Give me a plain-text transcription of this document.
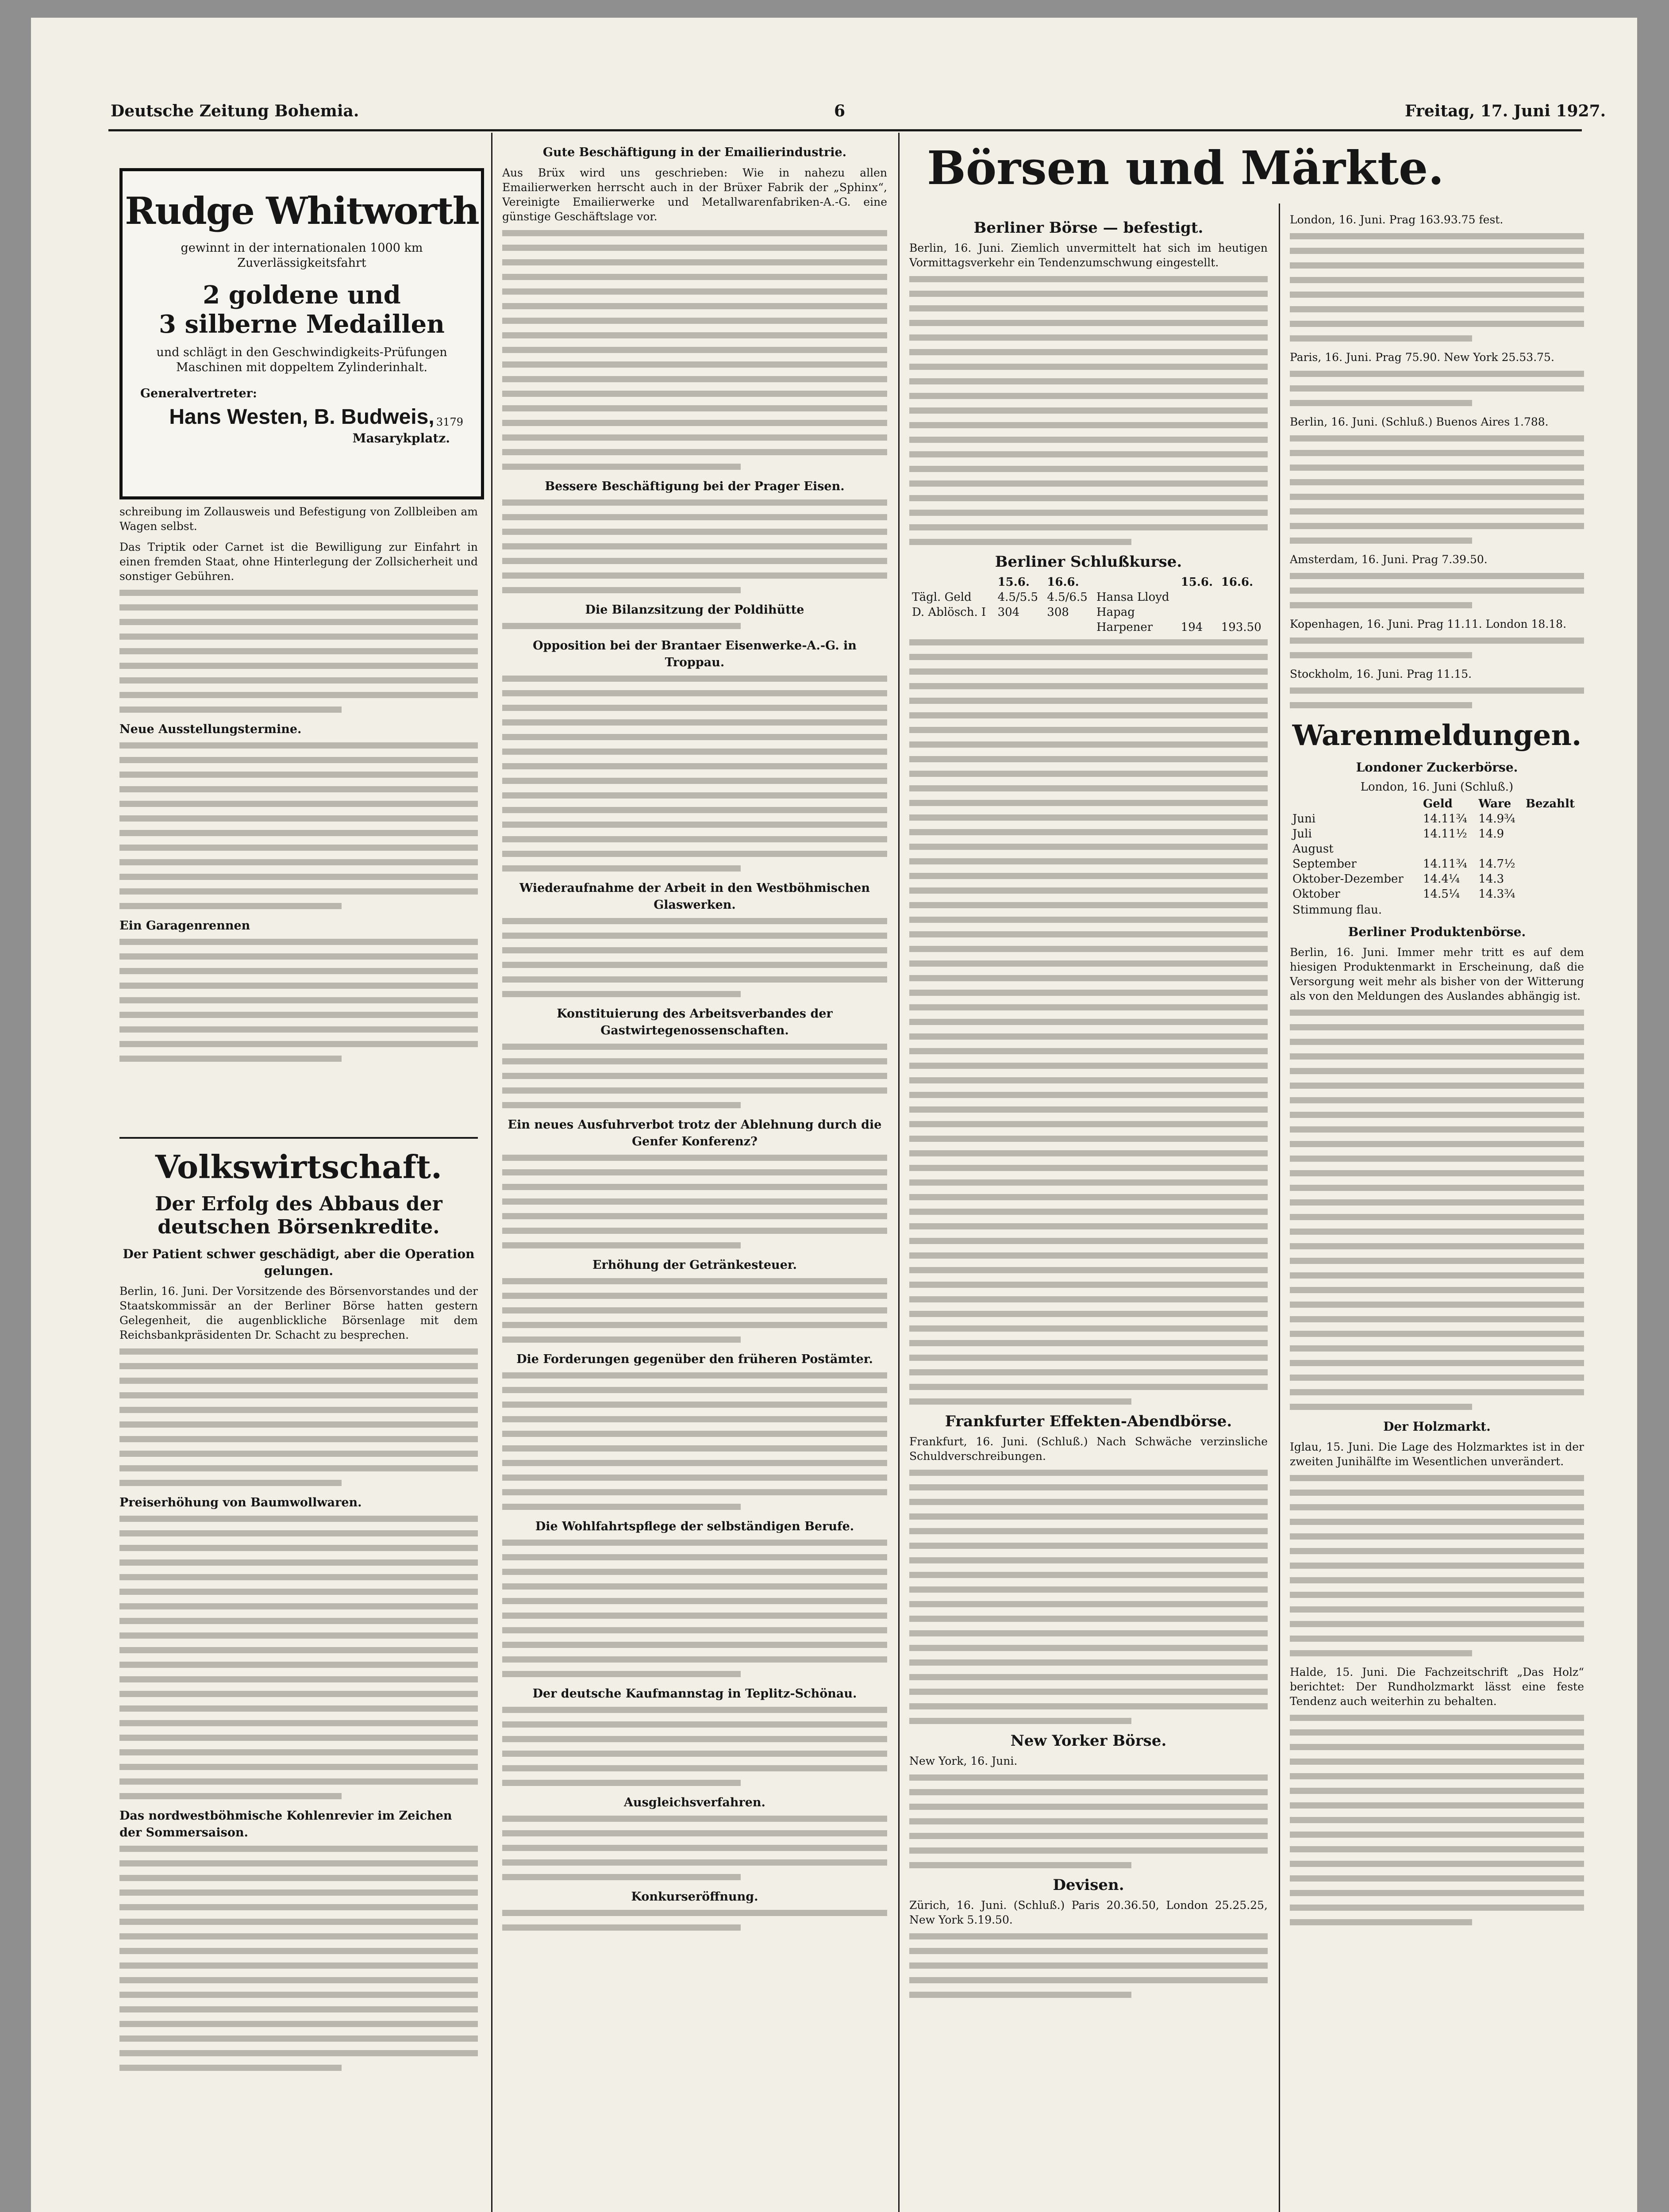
Deutsche Zeitung Bohemia.	6	Freitag, 17. Juni 1927.
Rudge Whitworth
gewinnt in der internationalen 1000 km Zuverlässigkeitsfahrt
2 goldene und
3 silberne Medaillen
und schlägt in den Geschwindigkeits-Prüfungen Maschinen mit doppeltem Zylinderinhalt.
Generalvertreter:
3179
Hans Westen, B. Budweis,
Masarykplatz.

schreibung im Zollausweis und Befestigung von Zollbleiben am Wagen selbst.

Das Triptik oder Carnet ist die Bewilligung zur Einfahrt in einen fremden Staat, ohne Hinterlegung der Zollsicherheit und sonstiger Gebühren.

Neue Ausstellungstermine.
Ein Garagenrennen
Volkswirtschaft.
Der Erfolg des Abbaus der deutschen Börsenkredite.
Der Patient schwer geschädigt, aber die Operation gelungen.

Berlin, 16. Juni. Der Vorsitzende des Börsenvorstandes und der Staatskommissär an der Berliner Börse hatten gestern Gelegenheit, die augenblickliche Börsenlage mit dem Reichsbankpräsidenten Dr. Schacht zu besprechen.

Preiserhöhung von Baumwollwaren.
Das nordwestböhmische Kohlenrevier im Zeichen der Sommersaison.
Gute Beschäftigung in der Emailierindustrie.

Aus Brüx wird uns geschrieben: Wie in nahezu allen Emailierwerken herrscht auch in der Brüxer Fabrik der „Sphinx“, Vereinigte Emailierwerke und Metallwarenfabriken-A.-G. eine günstige Geschäftslage vor.

Bessere Beschäftigung bei der Prager Eisen.
Die Bilanzsitzung der Poldihütte
Opposition bei der Brantaer Eisenwerke-A.-G. in Troppau.
Wiederaufnahme der Arbeit in den Westböhmischen Glaswerken.
Konstituierung des Arbeitsverbandes der Gastwirtegenossenschaften.
Ein neues Ausfuhrverbot trotz der Ablehnung durch die Genfer Konferenz?
Erhöhung der Getränkesteuer.
Die Forderungen gegenüber den früheren Postämter.
Die Wohlfahrtspflege der selbständigen Berufe.
Der deutsche Kaufmannstag in Teplitz-Schönau.
Ausgleichsverfahren.
Konkurseröffnung.
Börsen und Märkte.
Berliner Börse — befestigt.

Berlin, 16. Juni. Ziemlich unvermittelt hat sich im heutigen Vormittagsverkehr ein Tendenzumschwung eingestellt.

Berliner Schlußkurse.
	15.6.	16.6.		15.6.	16.6.
Tägl. Geld	4.5/5.5	4.5/6.5	Hansa Lloyd		
D. Ablösch. I	304	308	Hapag		
			Harpener	194	193.50
Frankfurter Effekten-Abendbörse.

Frankfurt, 16. Juni. (Schluß.) Nach Schwäche verzinsliche Schuldverschreibungen.

New Yorker Börse.

New York, 16. Juni.

Devisen.

Zürich, 16. Juni. (Schluß.) Paris 20.36.50, London 25.25.25, New York 5.19.50.

London, 16. Juni. Prag 163.93.75 fest.

Paris, 16. Juni. Prag 75.90. New York 25.53.75.

Berlin, 16. Juni. (Schluß.) Buenos Aires 1.788.

Amsterdam, 16. Juni. Prag 7.39.50.

Kopenhagen, 16. Juni. Prag 11.11. London 18.18.

Stockholm, 16. Juni. Prag 11.15.

Warenmeldungen.
Londoner Zuckerbörse.
London, 16. Juni (Schluß.)
	Geld	Ware	Bezahlt
Juni	14.11¾	14.9¾	
Juli	14.11½	14.9	
August			
September	14.11¾	14.7½	
Oktober-Dezember	14.4¼	14.3	
Oktober	14.5¼	14.3¾	
Stimmung flau.
Berliner Produktenbörse.

Berlin, 16. Juni. Immer mehr tritt es auf dem hiesigen Produktenmarkt in Erscheinung, daß die Versorgung weit mehr als bisher von der Witterung als von den Meldungen des Auslandes abhängig ist.

Der Holzmarkt.

Iglau, 15. Juni. Die Lage des Holzmarktes ist in der zweiten Junihälfte im Wesentlichen unverändert.

Halde, 15. Juni. Die Fachzeitschrift „Das Holz“ berichtet: Der Rundholzmarkt lässt eine feste Tendenz auch weiterhin zu behalten.
